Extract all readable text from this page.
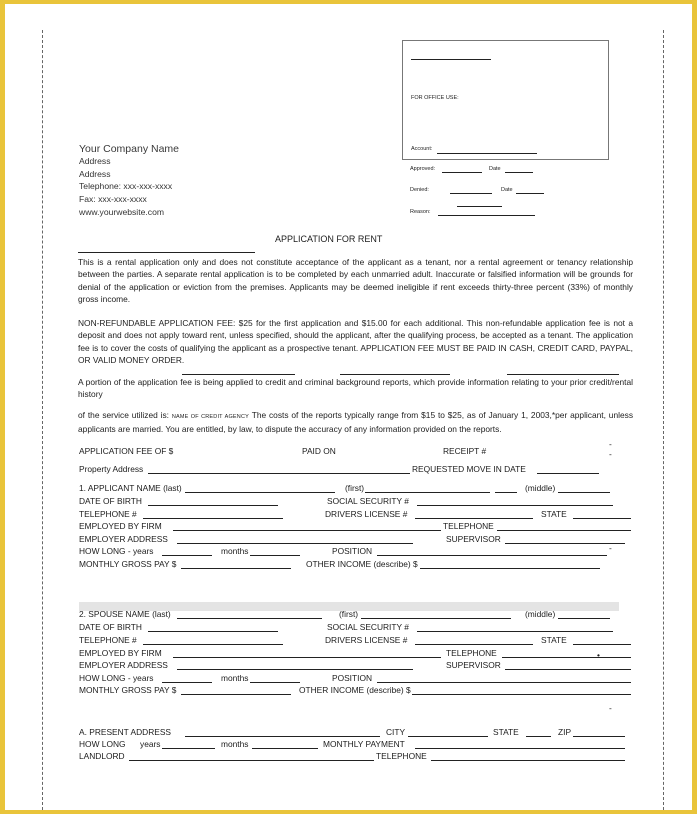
FOR OFFICE USE:
Account:
Approved:	Date
Denied:	Date
Reason:
Your Company Name
Address
Address
Telephone: xxx-xxx-xxxx
Fax: xxx-xxx-xxxx
www.yourwebsite.com
APPLICATION FOR RENT
This is a rental application only and does not constitute acceptance of the applicant as a tenant, nor a rental agreement or tenancy relationship between the parties. A separate rental application is to be completed by each unmarried adult. Inaccurate or falsified information will be grounds for denial of the application or eviction from the premises. Applicants may be deemed ineligible if rent exceeds thirty-three percent (33%) of monthly gross income.
NON-REFUNDABLE APPLICATION FEE: $25 for the first application and $15.00 for each additional. This non-refundable application fee is not a deposit and does not apply toward rent, unless specified, should the applicant, after the qualifying process, be accepted as a tenant. The application fee is to cover the costs of qualifying the applicant as a prospective tenant. APPLICATION FEE MUST BE PAID IN CASH, CREDIT CARD, PAYPAL, OR VALID MONEY ORDER.
A portion of the application fee is being applied to credit and criminal background reports, which provide information relating to your prior credit/rental history
of the service utilized is: NAME OF CREDIT AGENCY The costs of the reports typically range from $15 to $25, as of January 1, 2003,*per applicant, unless applicants are married. You are entitled, by law, to dispute the accuracy of any information provided on the reports.
APPLICATION FEE OF $	PAID ON	RECEIPT #
-
-
Property Address	REQUESTED MOVE IN DATE
1. APPLICANT NAME (last)	(first)	(middle)
DATE OF BIRTH	SOCIAL SECURITY #
TELEPHONE #	DRIVERS LICENSE #	STATE
EMPLOYED BY FIRM	TELEPHONE
EMPLOYER ADDRESS	SUPERVISOR
HOW LONG - years	months	POSITION	-
MONTHLY GROSS PAY $	OTHER INCOME (describe) $
2. SPOUSE NAME (last)	(first)	(middle)
DATE OF BIRTH	SOCIAL SECURITY #
TELEPHONE #	DRIVERS LICENSE #	STATE
EMPLOYED BY FIRM	TELEPHONE
EMPLOYER ADDRESS	SUPERVISOR
•
HOW LONG - years	months	POSITION
MONTHLY GROSS PAY $	OTHER INCOME (describe) $
-
A. PRESENT ADDRESS	CITY	STATE	ZIP
HOW LONG years	months	MONTHLY PAYMENT
LANDLORD	TELEPHONE
